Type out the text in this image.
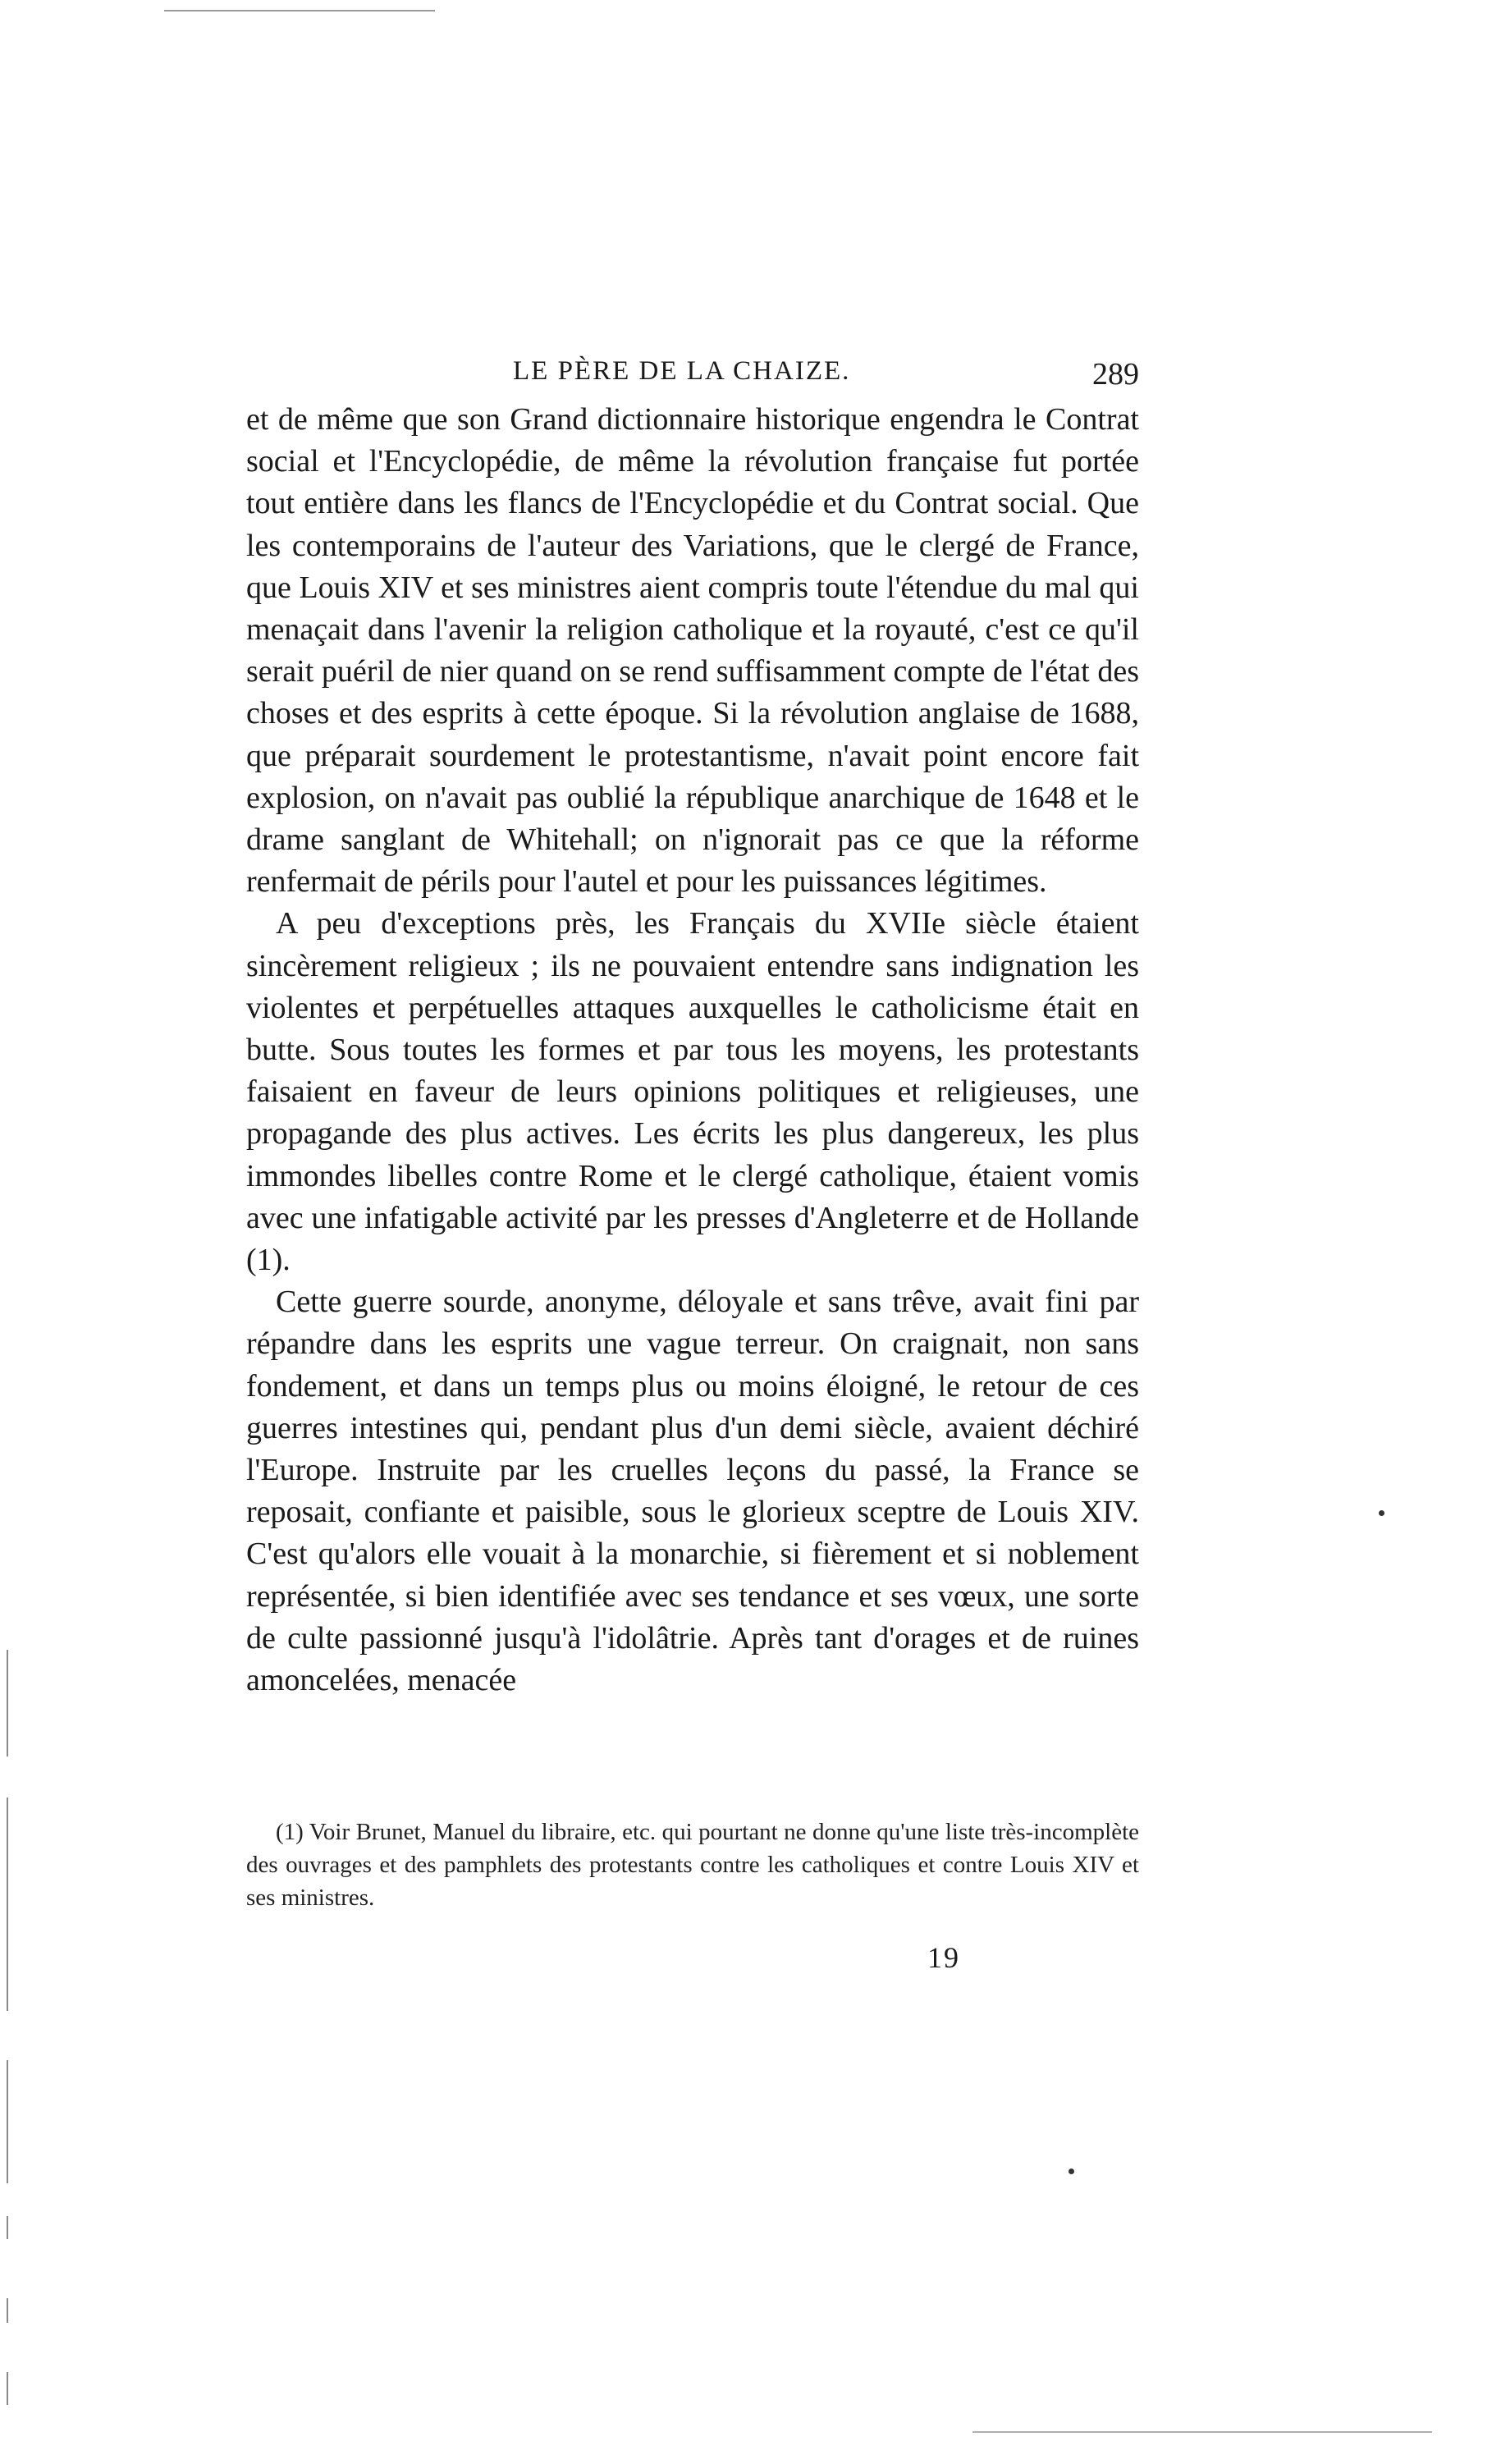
LE PÈRE DE LA CHAIZE.	289

et de même que son Grand dictionnaire historique engendra le Contrat social et l'Encyclopédie, de même la révolution française fut portée tout entière dans les flancs de l'Encyclopédie et du Contrat social. Que les contemporains de l'auteur des Variations, que le clergé de France, que Louis XIV et ses ministres aient compris toute l'étendue du mal qui menaçait dans l'avenir la religion catholique et la royauté, c'est ce qu'il serait puéril de nier quand on se rend suffisamment compte de l'état des choses et des esprits à cette époque. Si la révolution anglaise de 1688, que préparait sourdement le protestantisme, n'avait point encore fait explosion, on n'avait pas oublié la république anarchique de 1648 et le drame sanglant de Whitehall; on n'ignorait pas ce que la réforme renfermait de périls pour l'autel et pour les puissances légitimes.

A peu d'exceptions près, les Français du XVIIe siècle étaient sincèrement religieux ; ils ne pouvaient entendre sans indignation les violentes et perpétuelles attaques auxquelles le catholicisme était en butte. Sous toutes les formes et par tous les moyens, les protestants faisaient en faveur de leurs opinions politiques et religieuses, une propagande des plus actives. Les écrits les plus dangereux, les plus immondes libelles contre Rome et le clergé catholique, étaient vomis avec une infatigable activité par les presses d'Angleterre et de Hollande (1).

Cette guerre sourde, anonyme, déloyale et sans trêve, avait fini par répandre dans les esprits une vague terreur. On craignait, non sans fondement, et dans un temps plus ou moins éloigné, le retour de ces guerres intestines qui, pendant plus d'un demi siècle, avaient déchiré l'Europe. Instruite par les cruelles leçons du passé, la France se reposait, confiante et paisible, sous le glorieux sceptre de Louis XIV. C'est qu'alors elle vouait à la monarchie, si fièrement et si noblement représentée, si bien identifiée avec ses tendance et ses vœux, une sorte de culte passionné jusqu'à l'idolâtrie. Après tant d'orages et de ruines amoncelées, menacée

(1) Voir Brunet, Manuel du libraire, etc. qui pourtant ne donne qu'une liste très-incomplète des ouvrages et des pamphlets des protestants contre les catholiques et contre Louis XIV et ses ministres.

19
